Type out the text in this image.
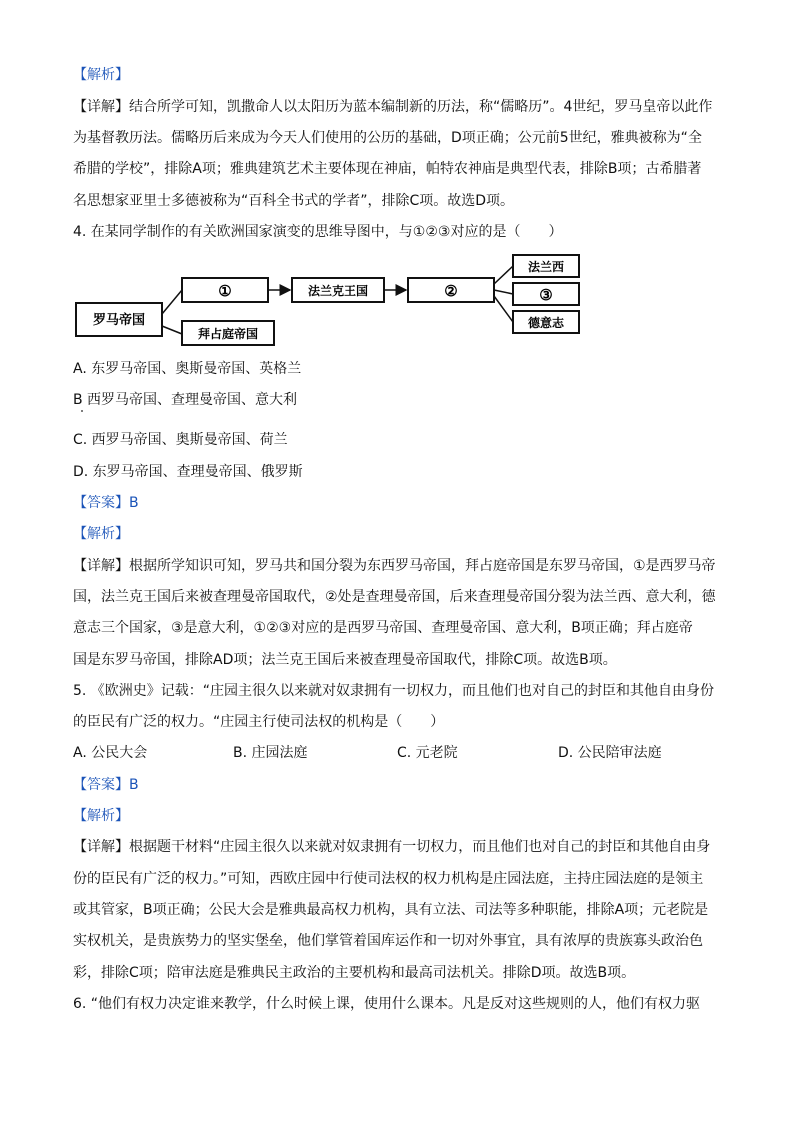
【解析】
【详解】结合所学可知，凯撒命人以太阳历为蓝本编制新的历法，称“儒略历”。4世纪，罗马皇帝以此作
为基督教历法。儒略历后来成为今天人们使用的公历的基础，D项正确；公元前5世纪，雅典被称为“全
希腊的学校”，排除A项；雅典建筑艺术主要体现在神庙，帕特农神庙是典型代表，排除B项；古希腊著
名思想家亚里士多德被称为“百科全书式的学者”，排除C项。故选D项。
4. 在某同学制作的有关欧洲国家演变的思维导图中，与①②③对应的是（　　）
罗马帝国
①
拜占庭帝国
法兰克王国	②
法兰西
③
德意志
A. 东罗马帝国、奥斯曼帝国、英格兰
B 西罗马帝国、查理曼帝国、意大利
C. 西罗马帝国、奥斯曼帝国、荷兰
D. 东罗马帝国、查理曼帝国、俄罗斯
【答案】B
【解析】
【详解】根据所学知识可知，罗马共和国分裂为东西罗马帝国，拜占庭帝国是东罗马帝国，①是西罗马帝
国，法兰克王国后来被查理曼帝国取代，②处是查理曼帝国，后来查理曼帝国分裂为法兰西、意大利，德
意志三个国家，③是意大利，①②③对应的是西罗马帝国、查理曼帝国、意大利，B项正确；拜占庭帝
国是东罗马帝国，排除AD项；法兰克王国后来被查理曼帝国取代，排除C项。故选B项。
5. 《欧洲史》记载：“庄园主很久以来就对奴隶拥有一切权力，而且他们也对自己的封臣和其他自由身份
的臣民有广泛的权力。“庄园主行使司法权的机构是（　　）
A. 公民大会	B. 庄园法庭	C. 元老院	D. 公民陪审法庭
【答案】B
【解析】
【详解】根据题干材料“庄园主很久以来就对奴隶拥有一切权力，而且他们也对自己的封臣和其他自由身
份的臣民有广泛的权力。”可知，西欧庄园中行使司法权的权力机构是庄园法庭，主持庄园法庭的是领主
或其管家，B项正确；公民大会是雅典最高权力机构，具有立法、司法等多种职能，排除A项；元老院是
实权机关，是贵族势力的坚实堡垒，他们掌管着国库运作和一切对外事宜，具有浓厚的贵族寡头政治色
彩，排除C项；陪审法庭是雅典民主政治的主要机构和最高司法机关。排除D项。故选B项。
6. “他们有权力决定谁来教学，什么时候上课，使用什么课本。凡是反对这些规则的人，他们有权力驱
